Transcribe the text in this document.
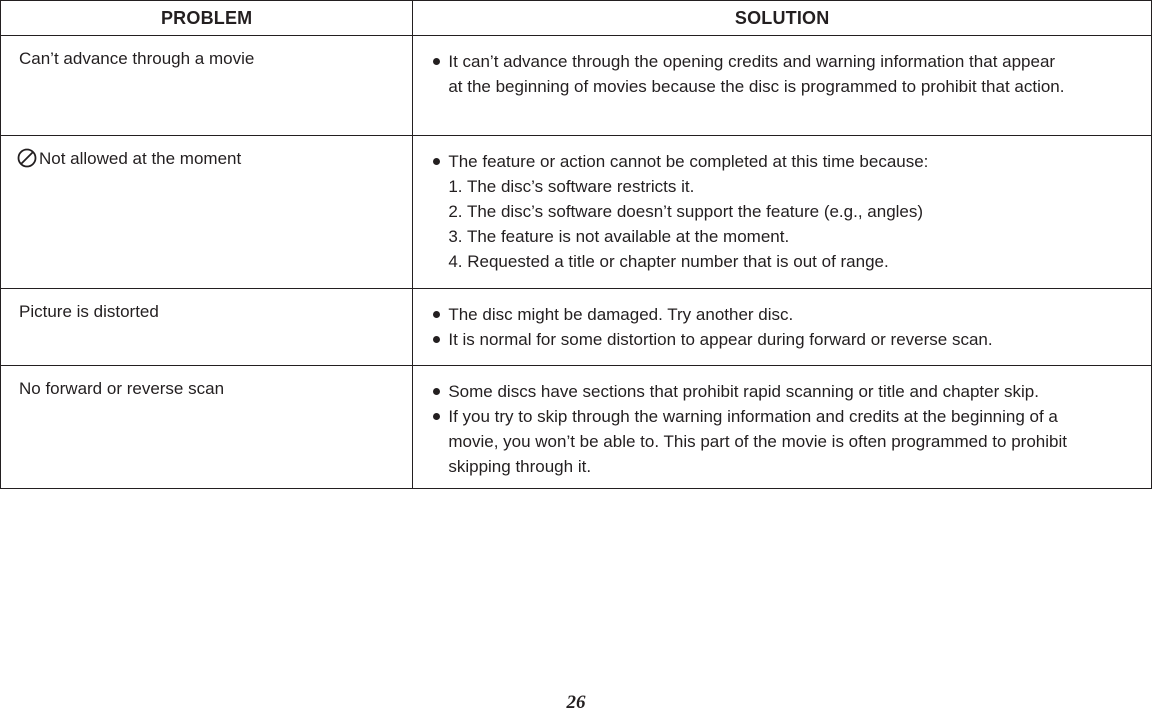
PROBLEM	SOLUTION

Can’t advance through a movie	It can’t advance through the opening credits and warning information that appear
at the beginning of movies because the disc is programmed to prohibit that action.

Not allowed at the moment	The feature or action cannot be completed at this time because:
1. The disc’s software restricts it.
2. The disc’s software doesn’t support the feature (e.g., angles)
3. The feature is not available at the moment.
4. Requested a title or chapter number that is out of range.

Picture is distorted	The disc might be damaged. Try another disc.
It is normal for some distortion to appear during forward or reverse scan.

No forward or reverse scan	Some discs have sections that prohibit rapid scanning or title and chapter skip.
If you try to skip through the warning information and credits at the beginning of a
movie, you won’t be able to. This part of the movie is often programmed to prohibit
skipping through it.
26
